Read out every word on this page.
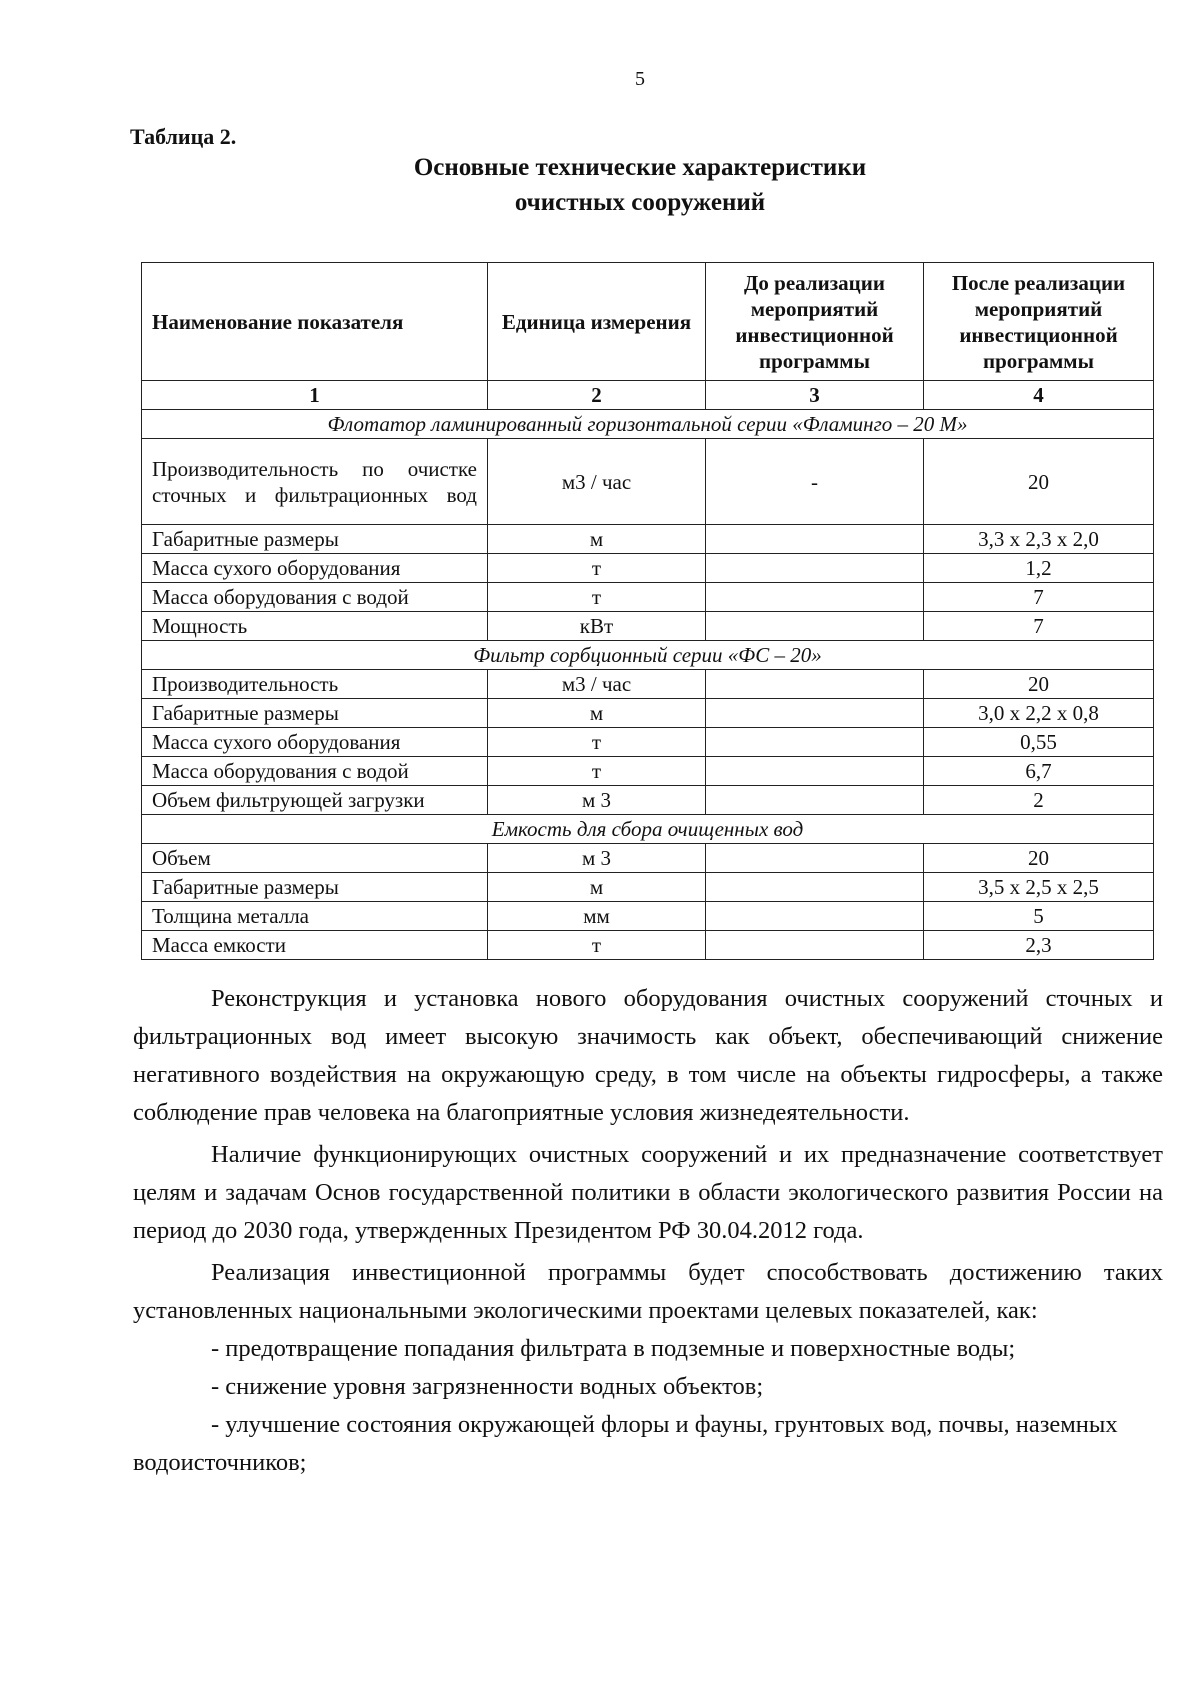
5
Таблица 2.
Основные технические характеристики
очистных сооружений
Наименование показателя	Единица измерения	До реализации мероприятий инвестиционной программы	После реализации мероприятий инвестиционной программы
1	2	3	4
Флотатор ламинированный горизонтальной серии «Фламинго – 20 М»			
Производительность по очистке сточных и фильтрационных вод	м3 / час	-	20
Габаритные размеры	м		3,3 х 2,3 х 2,0
Масса сухого оборудования	т		1,2
Масса оборудования с водой	т		7
Мощность	кВт		7
Фильтр сорбционный серии «ФС – 20»			
Производительность	м3 / час		20
Габаритные размеры	м		3,0 х 2,2 х 0,8
Масса сухого оборудования	т		0,55
Масса оборудования с водой	т		6,7
Объем фильтрующей загрузки	м 3		2
Емкость для сбора очищенных вод			
Объем	м 3		20
Габаритные размеры	м		3,5 х 2,5 х 2,5
Толщина металла	мм		5
Масса емкости	т		2,3

Реконструкция и установка нового оборудования очистных сооружений сточных и фильтрационных вод имеет высокую значимость как объект, обеспечивающий снижение негативного воздействия на окружающую среду, в том числе на объекты гидросферы, а также соблюдение прав человека на благоприятные условия жизнедеятельности.

Наличие функционирующих очистных сооружений и их предназначение соответствует целям и задачам Основ государственной политики в области экологического развития России на период до 2030 года, утвержденных Президентом РФ 30.04.2012 года.

Реализация инвестиционной программы будет способствовать достижению таких установленных национальными экологическими проектами целевых показателей, как:

- предотвращение попадания фильтрата в подземные и поверхностные воды;

- снижение уровня загрязненности водных объектов;

- улучшение состояния окружающей флоры и фауны, грунтовых вод, почвы, наземных водоисточников;
